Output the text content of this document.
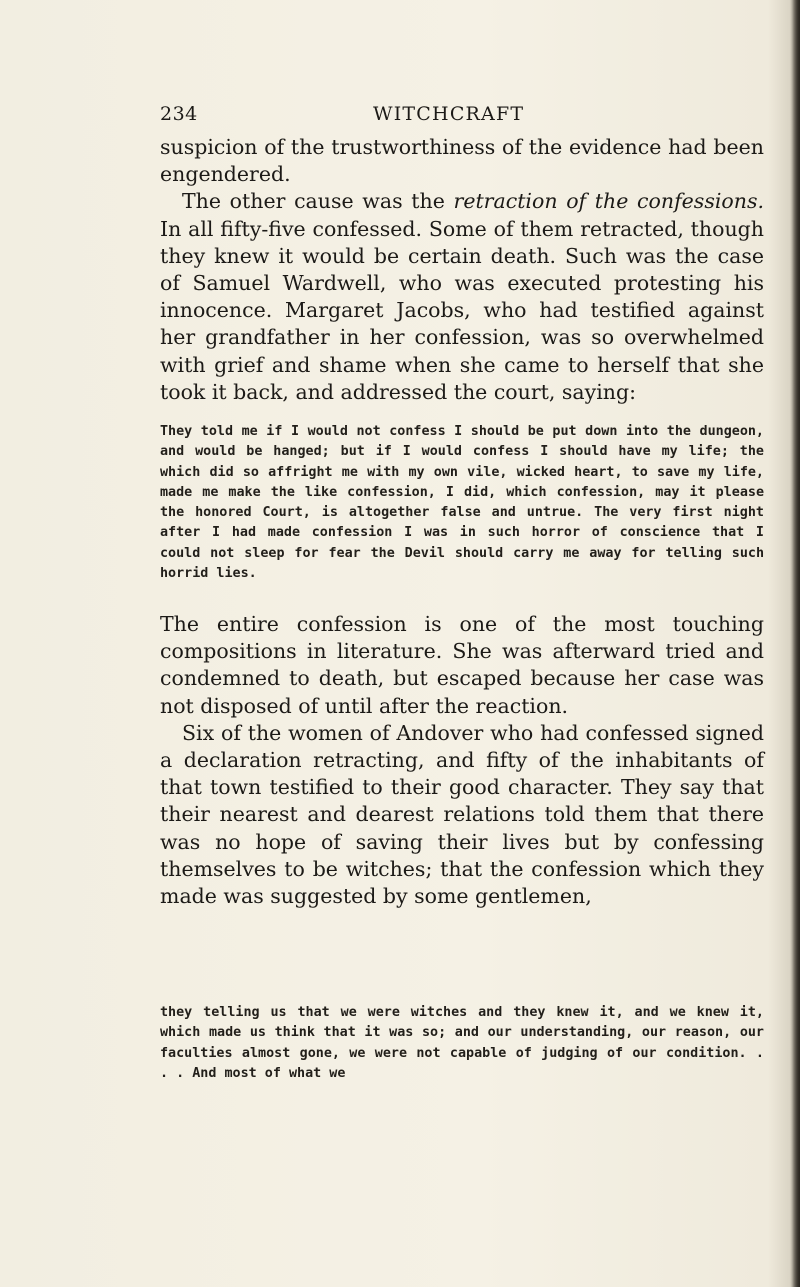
234	WITCHCRAFT

suspicion of the trustworthiness of the evidence had been engendered.

The other cause was the retraction of the confessions. In all fifty-five confessed. Some of them retracted, though they knew it would be certain death. Such was the case of Samuel Wardwell, who was executed protesting his innocence. Margaret Jacobs, who had testified against her grandfather in her confession, was so overwhelmed with grief and shame when she came to herself that she took it back, and addressed the court, saying:

They told me if I would not confess I should be put down into the dungeon, and would be hanged; but if I would confess I should have my life; the which did so affright me with my own vile, wicked heart, to save my life, made me make the like confession, I did, which confession, may it please the honored Court, is altogether false and untrue. The very first night after I had made confession I was in such horror of conscience that I could not sleep for fear the Devil should carry me away for telling such horrid lies.

The entire confession is one of the most touching compositions in literature. She was afterward tried and condemned to death, but escaped because her case was not disposed of until after the reaction.

Six of the women of Andover who had confessed signed a declaration retracting, and fifty of the inhabitants of that town testified to their good character. They say that their nearest and dearest relations told them that there was no hope of saving their lives but by confessing themselves to be witches; that the confession which they made was suggested by some gentlemen,

they telling us that we were witches and they knew it, and we knew it, which made us think that it was so; and our understanding, our reason, our faculties almost gone, we were not capable of judging of our condition. . . . And most of what we
